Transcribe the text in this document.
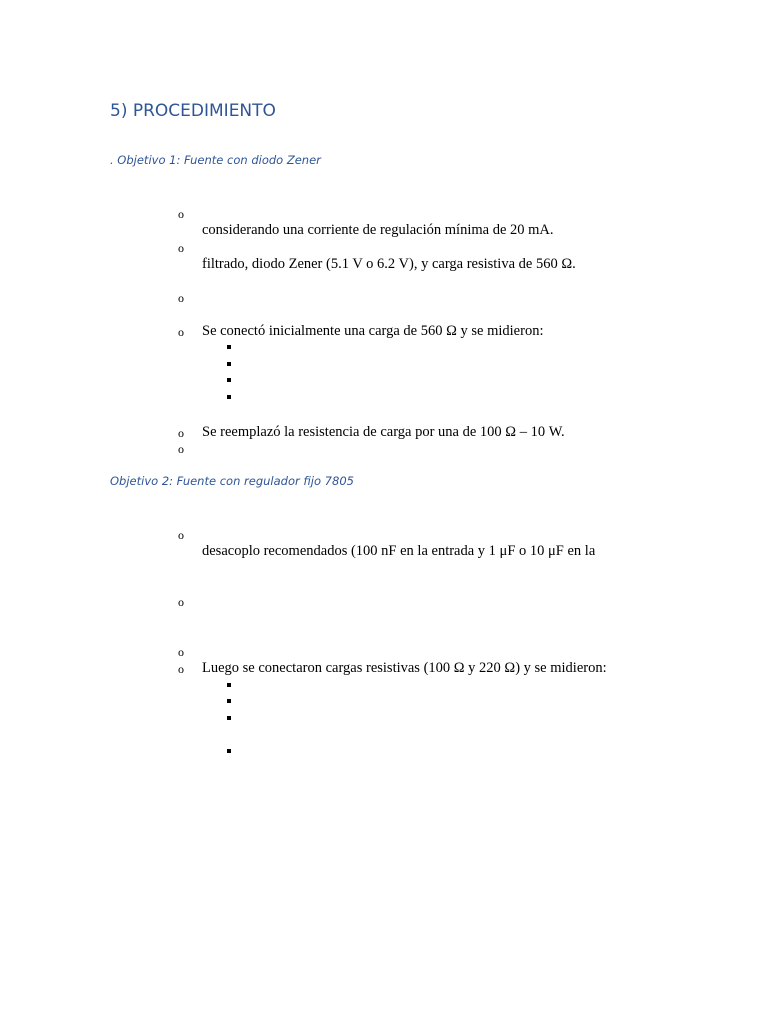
5) PROCEDIMIENTO
. Objetivo 1: Fuente con diodo Zener
o
considerando una corriente de regulación mínima de 20 mA.
o
filtrado, diodo Zener (5.1 V o 6.2 V), y carga resistiva de 560 Ω.
o
o Se conectó inicialmente una carga de 560 Ω y se midieron:
o Se reemplazó la resistencia de carga por una de 100 Ω – 10 W.
o
Objetivo 2: Fuente con regulador fijo 7805
o
desacoplo recomendados (100 nF en la entrada y 1 μF o 10 μF en la
o
o
o Luego se conectaron cargas resistivas (100 Ω y 220 Ω) y se midieron:
